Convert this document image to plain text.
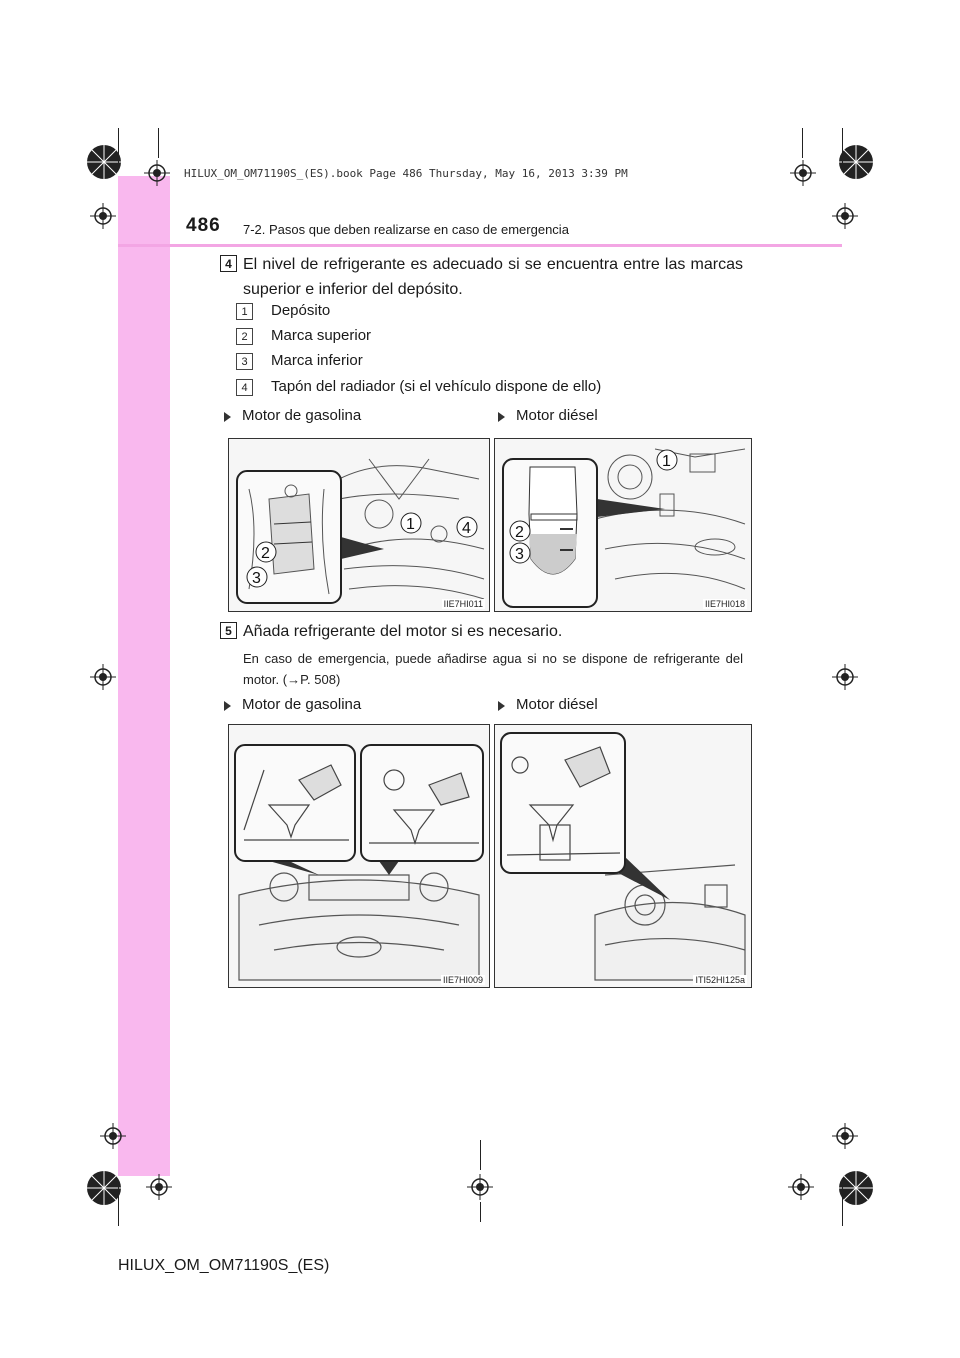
HILUX_OM_OM71190S_(ES).book Page 486 Thursday, May 16, 2013 3:39 PM
486 7-2. Pasos que deben realizarse en caso de emergencia
4 El nivel de refrigerante es adecuado si se encuentra entre las marcas superior e inferior del depósito.
1	Depósito
2	Marca superior
3	Marca inferior
4	Tapón del radiador (si el vehículo dispone de ello)
Motor de gasolina	Motor diésel
2
3
1	4
IIE7HI011
2
3
1
IIE7HI018
5 Añada refrigerante del motor si es necesario.
En caso de emergencia, puede añadirse agua si no se dispone de refrigerante del motor. (→P. 508)
Motor de gasolina	Motor diésel
IIE7HI009	ITI52HI125a
HILUX_OM_OM71190S_(ES)
